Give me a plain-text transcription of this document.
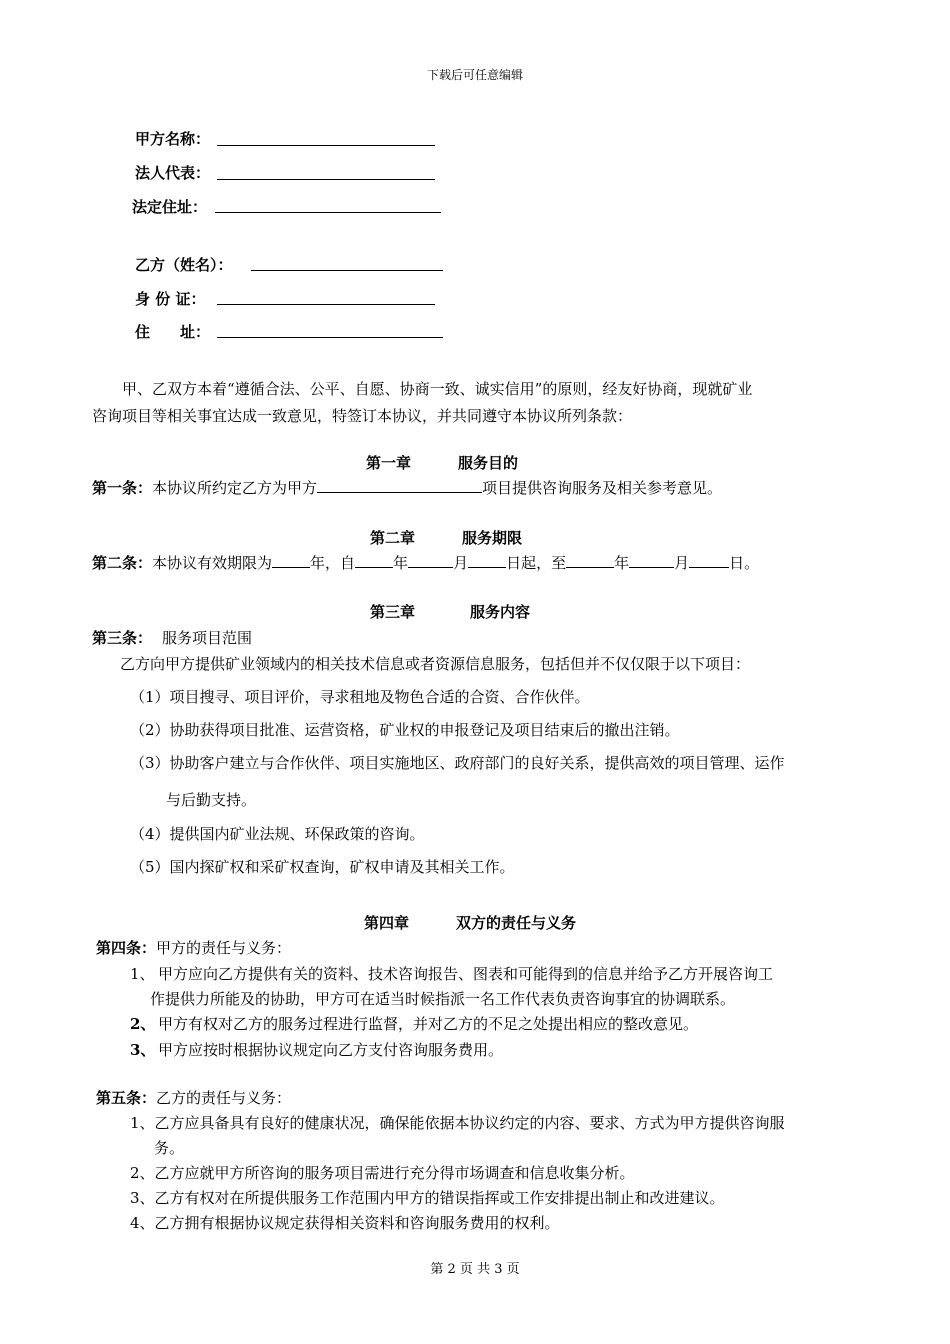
下载后可任意编辑
甲方名称：
法人代表：
法定住址：
乙方（姓名）：
身 份 证：
住　　址：
甲、乙双方本着“遵循合法、公平、自愿、协商一致、诚实信用”的原则，经友好协商，现就矿业
咨询项目等相关事宜达成一致意见，特签订本协议，并共同遵守本协议所列条款：
第一章	服务目的
第一条：本协议所约定乙方为甲方	项目提供咨询服务及相关参考意见。
第二章	服务期限
第二条：本协议有效期限为	年，自	年	月	日起，至	年	月	日。
第三章	服务内容
第三条： 服务项目范围
乙方向甲方提供矿业领域内的相关技术信息或者资源信息服务，包括但并不仅仅限于以下项目：
（1）项目搜寻、项目评价，寻求租地及物色合适的合资、合作伙伴。
（2）协助获得项目批准、运营资格，矿业权的申报登记及项目结束后的撤出注销。
（3）协助客户建立与合作伙伴、项目实施地区、政府部门的良好关系，提供高效的项目管理、运作
与后勤支持。
（4）提供国内矿业法规、环保政策的咨询。
（5）国内探矿权和采矿权查询，矿权申请及其相关工作。
第四章	双方的责任与义务
第四条：甲方的责任与义务：
1、 甲方应向乙方提供有关的资料、技术咨询报告、图表和可能得到的信息并给予乙方开展咨询工
作提供力所能及的协助，甲方可在适当时候指派一名工作代表负责咨询事宜的协调联系。
2、 甲方有权对乙方的服务过程进行监督，并对乙方的不足之处提出相应的整改意见。
3、 甲方应按时根据协议规定向乙方支付咨询服务费用。
第五条：乙方的责任与义务：
1、乙方应具备具有良好的健康状况，确保能依据本协议约定的内容、要求、方式为甲方提供咨询服
务。
2、乙方应就甲方所咨询的服务项目需进行充分得市场调查和信息收集分析。
3、乙方有权对在所提供服务工作范围内甲方的错误指挥或工作安排提出制止和改进建议。
4、乙方拥有根据协议规定获得相关资料和咨询服务费用的权利。
第 2 页 共 3 页
